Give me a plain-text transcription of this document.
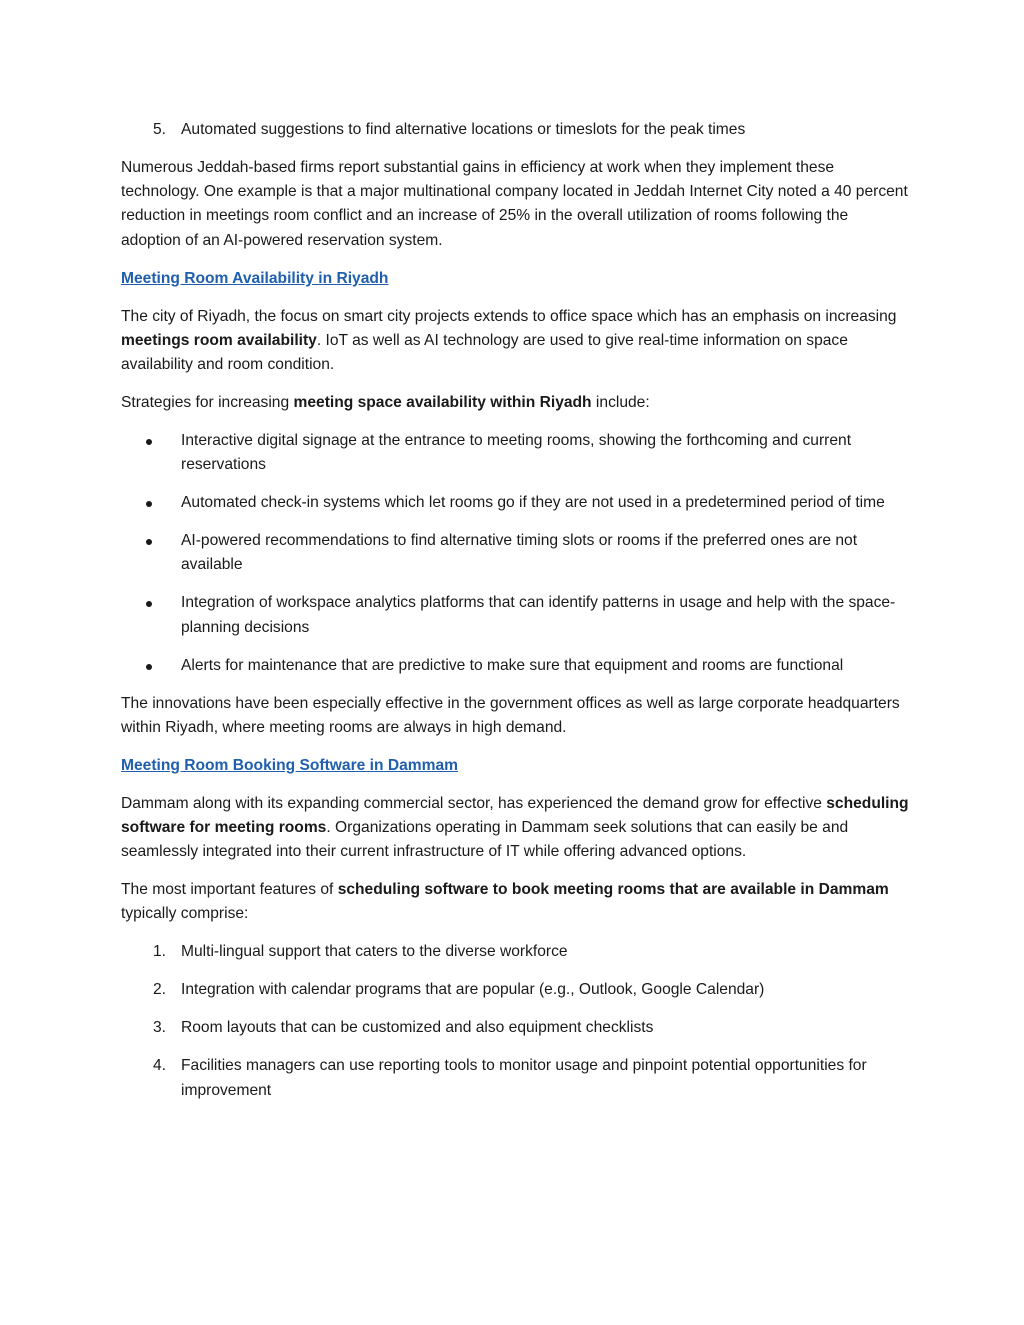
5. Automated suggestions to find alternative locations or timeslots for the peak times

Numerous Jeddah-based firms report substantial gains in efficiency at work when they implement these technology. One example is that a major multinational company located in Jeddah Internet City noted a 40 percent reduction in meetings room conflict and an increase of 25% in the overall utilization of rooms following the adoption of an AI-powered reservation system.

Meeting Room Availability in Riyadh

The city of Riyadh, the focus on smart city projects extends to office space which has an emphasis on increasing meetings room availability. IoT as well as AI technology are used to give real-time information on space availability and room condition.

Strategies for increasing meeting space availability within Riyadh include:

Interactive digital signage at the entrance to meeting rooms, showing the forthcoming and current reservations
Automated check-in systems which let rooms go if they are not used in a predetermined period of time
AI-powered recommendations to find alternative timing slots or rooms if the preferred ones are not available
Integration of workspace analytics platforms that can identify patterns in usage and help with the space-planning decisions
Alerts for maintenance that are predictive to make sure that equipment and rooms are functional

The innovations have been especially effective in the government offices as well as large corporate headquarters within Riyadh, where meeting rooms are always in high demand.

Meeting Room Booking Software in Dammam

Dammam along with its expanding commercial sector, has experienced the demand grow for effective scheduling software for meeting rooms. Organizations operating in Dammam seek solutions that can easily be and seamlessly integrated into their current infrastructure of IT while offering advanced options.

The most important features of scheduling software to book meeting rooms that are available in Dammam typically comprise:

1. Multi-lingual support that caters to the diverse workforce
2. Integration with calendar programs that are popular (e.g., Outlook, Google Calendar)
3. Room layouts that can be customized and also equipment checklists
4. Facilities managers can use reporting tools to monitor usage and pinpoint potential opportunities for improvement
